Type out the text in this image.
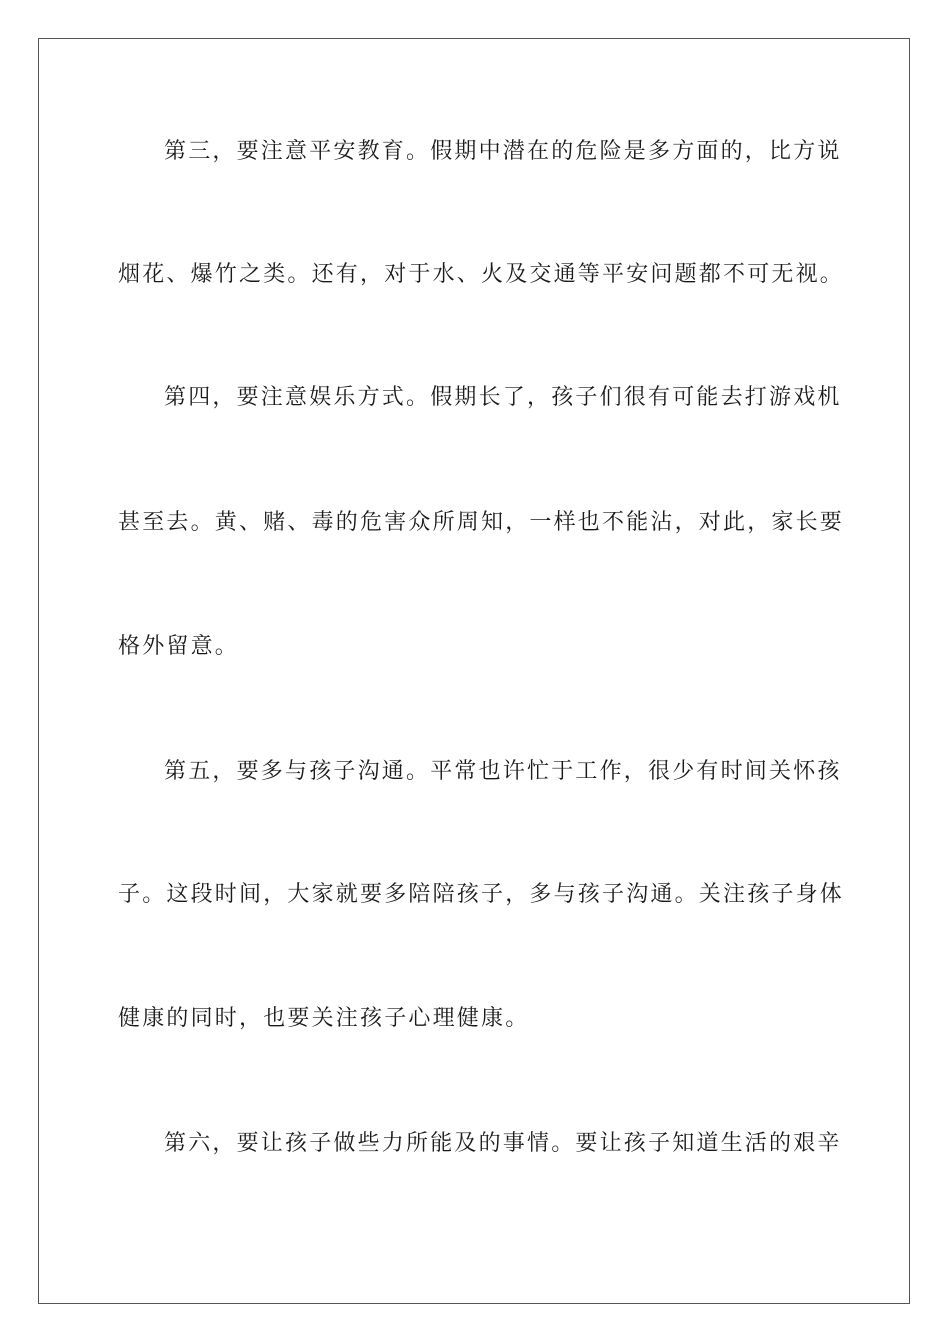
第三，要注意平安教育。假期中潜在的危险是多方面的，比方说
烟花、爆竹之类。还有，对于水、火及交通等平安问题都不可无视。
第四，要注意娱乐方式。假期长了，孩子们很有可能去打游戏机
甚至去。黄、赌、毒的危害众所周知，一样也不能沾，对此，家长要
格外留意。
第五，要多与孩子沟通。平常也许忙于工作，很少有时间关怀孩
子。这段时间，大家就要多陪陪孩子，多与孩子沟通。关注孩子身体
健康的同时，也要关注孩子心理健康。
第六，要让孩子做些力所能及的事情。要让孩子知道生活的艰辛
